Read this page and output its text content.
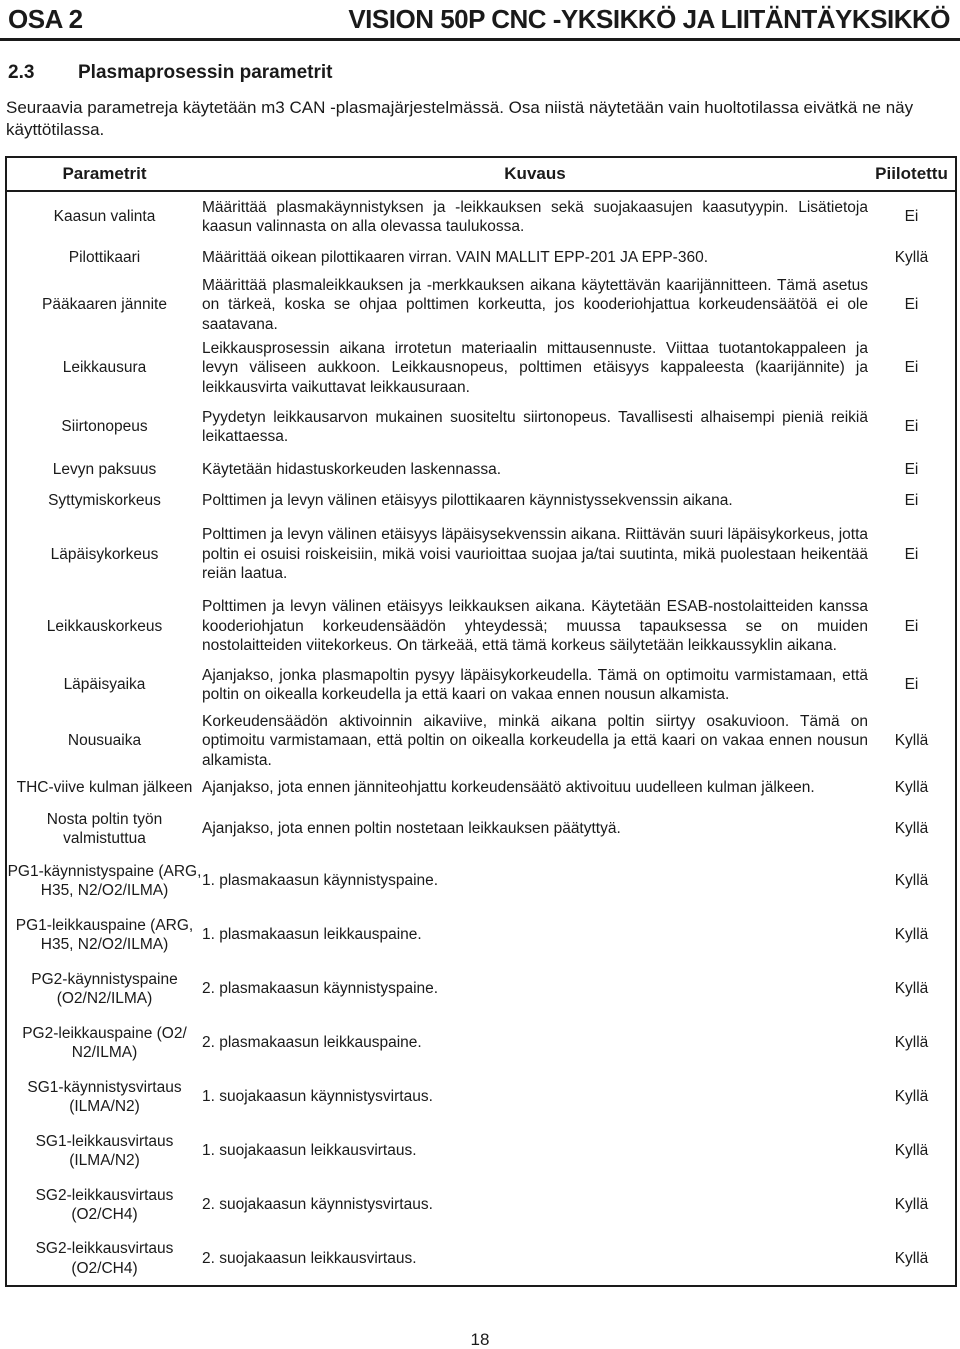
OSA 2	VISION 50P CNC -YKSIKKÖ JA LIITÄNTÄYKSIKKÖ
2.3 Plasmaprosessin parametrit

Seuraavia parametreja käytetään m3 CAN -plasmajärjestelmässä. Osa niistä näytetään vain huoltotilassa eivätkä ne näy käyttötilassa.

Parametrit	Kuvaus	Piilotettu
Kaasun valinta	Määrittää plasmakäynnistyksen ja -leikkauksen sekä suojakaasujen kaasutyypin. Lisätietoja kaasun valinnasta on alla olevassa taulukossa.	Ei
Pilottikaari	Määrittää oikean pilottikaaren virran. VAIN MALLIT EPP-201 JA EPP-360.	Kyllä
Pääkaaren jännite	Määrittää plasmaleikkauksen ja -merkkauksen aikana käytettävän kaarijännitteen. Tämä asetus on tärkeä, koska se ohjaa polttimen korkeutta, jos kooderiohjattua korkeudensäätöä ei ole saatavana.	Ei
Leikkausura	Leikkausprosessin aikana irrotetun materiaalin mittausennuste. Viittaa tuotantokappaleen ja levyn väliseen aukkoon. Leikkausnopeus, polttimen etäisyys kappaleesta (kaarijännite) ja leikkausvirta vaikuttavat leikkausuraan.	Ei
Siirtonopeus	Pyydetyn leikkausarvon mukainen suositeltu siirtonopeus. Tavallisesti alhaisempi pieniä reikiä leikattaessa.	Ei
Levyn paksuus	Käytetään hidastuskorkeuden laskennassa.	Ei
Syttymiskorkeus	Polttimen ja levyn välinen etäisyys pilottikaaren käynnistyssekvenssin aikana.	Ei
Läpäisykorkeus	Polttimen ja levyn välinen etäisyys läpäisysekvenssin aikana. Riittävän suuri läpäisykorkeus, jotta poltin ei osuisi roiskeisiin, mikä voisi vaurioittaa suojaa ja/tai suutinta, mikä puolestaan heikentää reiän laatua.	Ei
Leikkauskorkeus	Polttimen ja levyn välinen etäisyys leikkauksen aikana. Käytetään ESAB-nostolaitteiden kanssa kooderiohjatun korkeudensäädön yhteydessä; muussa tapauksessa se on muiden nostolaitteiden viitekorkeus. On tärkeää, että tämä korkeus säilytetään leikkaussyklin aikana.	Ei
Läpäisyaika	Ajanjakso, jonka plasmapoltin pysyy läpäisykorkeudella. Tämä on optimoitu varmistamaan, että poltin on oikealla korkeudella ja että kaari on vakaa ennen nousun alkamista.	Ei
Nousuaika	Korkeudensäädön aktivoinnin aikaviive, minkä aikana poltin siirtyy osakuvioon. Tämä on optimoitu varmistamaan, että poltin on oikealla korkeudella ja että kaari on vakaa ennen nousun alkamista.	Kyllä
THC-viive kulman jälkeen	Ajanjakso, jota ennen jänniteohjattu korkeudensäätö aktivoituu uudelleen kulman jälkeen.	Kyllä
Nosta poltin työn valmistuttua	Ajanjakso, jota ennen poltin nostetaan leikkauksen päätyttyä.	Kyllä
PG1-käynnistyspaine (ARG, H35, N2/O2/ILMA)	1. plasmakaasun käynnistyspaine.	Kyllä
PG1-leikkauspaine (ARG, H35, N2/O2/ILMA)	1. plasmakaasun leikkauspaine.	Kyllä
PG2-käynnistyspaine (O2/N2/ILMA)	2. plasmakaasun käynnistyspaine.	Kyllä
PG2-leikkauspaine (O2/ N2/ILMA)	2. plasmakaasun leikkauspaine.	Kyllä
SG1-käynnistysvirtaus (ILMA/N2)	1. suojakaasun käynnistysvirtaus.	Kyllä
SG1-leikkausvirtaus (ILMA/N2)	1. suojakaasun leikkausvirtaus.	Kyllä
SG2-leikkausvirtaus (O2/CH4)	2. suojakaasun käynnistysvirtaus.	Kyllä
SG2-leikkausvirtaus (O2/CH4)	2. suojakaasun leikkausvirtaus.	Kyllä
18
